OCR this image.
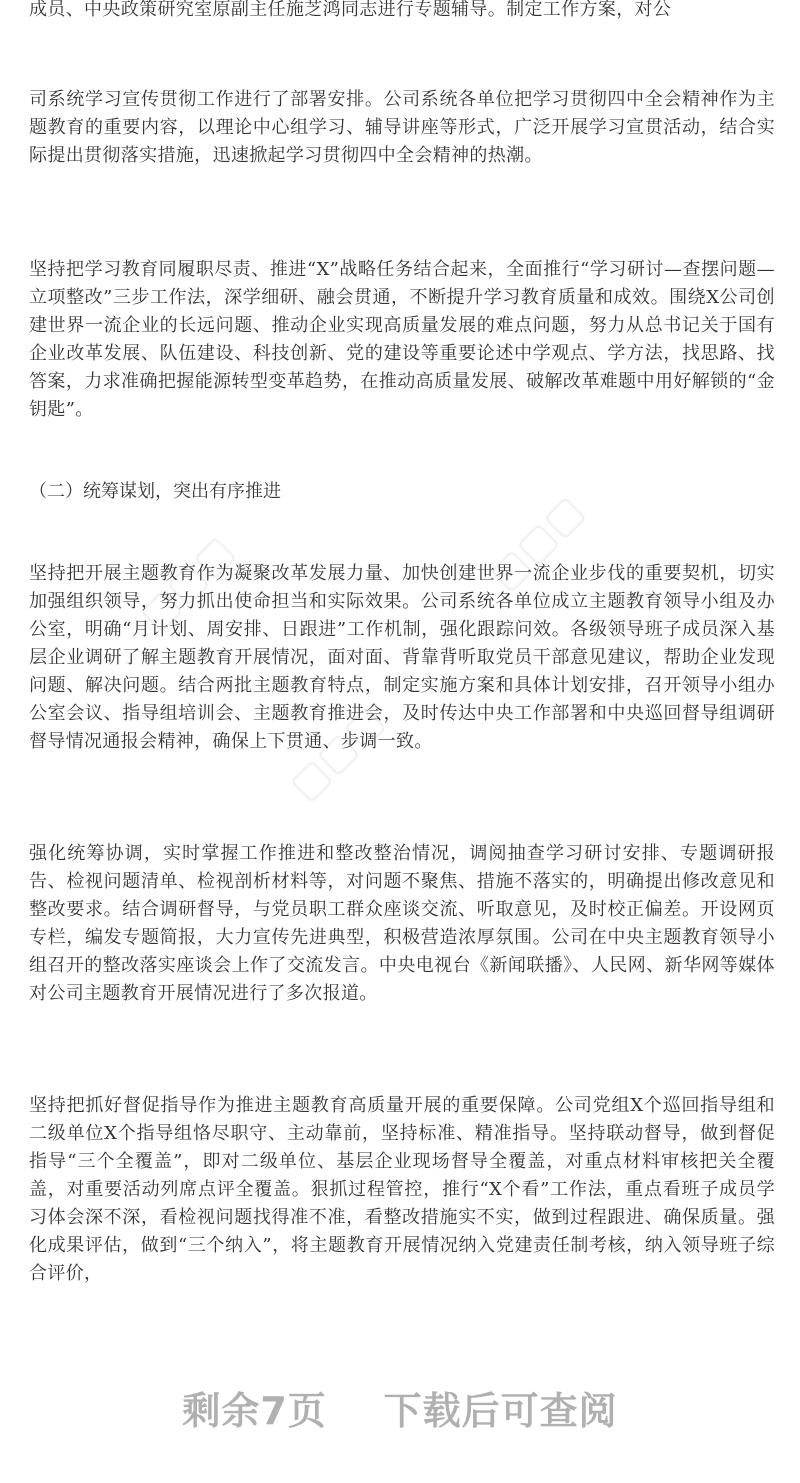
▢▢▢	▢▢▢
▢▢▢

成员、中央政策研究室原副主任施芝鸿同志进行专题辅导。制定工作方案，对公

司系统学习宣传贯彻工作进行了部署安排。公司系统各单位把学习贯彻四中全会精神作为主题教育的重要内容，以理论中心组学习、辅导讲座等形式，广泛开展学习宣贯活动，结合实际提出贯彻落实措施，迅速掀起学习贯彻四中全会精神的热潮。

坚持把学习教育同履职尽责、推进“X”战略任务结合起来，全面推行“学习研讨—查摆问题—立项整改”三步工作法，深学细研、融会贯通，不断提升学习教育质量和成效。围绕X公司创建世界一流企业的长远问题、推动企业实现高质量发展的难点问题，努力从总书记关于国有企业改革发展、队伍建设、科技创新、党的建设等重要论述中学观点、学方法，找思路、找答案，力求准确把握能源转型变革趋势，在推动高质量发展、破解改革难题中用好解锁的“金钥匙”。

（二）统筹谋划，突出有序推进

坚持把开展主题教育作为凝聚改革发展力量、加快创建世界一流企业步伐的重要契机，切实加强组织领导，努力抓出使命担当和实际效果。公司系统各单位成立主题教育领导小组及办公室，明确“月计划、周安排、日跟进”工作机制，强化跟踪问效。各级领导班子成员深入基层企业调研了解主题教育开展情况，面对面、背靠背听取党员干部意见建议，帮助企业发现问题、解决问题。结合两批主题教育特点，制定实施方案和具体计划安排，召开领导小组办公室会议、指导组培训会、主题教育推进会，及时传达中央工作部署和中央巡回督导组调研督导情况通报会精神，确保上下贯通、步调一致。

强化统筹协调，实时掌握工作推进和整改整治情况，调阅抽查学习研讨安排、专题调研报告、检视问题清单、检视剖析材料等，对问题不聚焦、措施不落实的，明确提出修改意见和整改要求。结合调研督导，与党员职工群众座谈交流、听取意见，及时校正偏差。开设网页专栏，编发专题简报，大力宣传先进典型，积极营造浓厚氛围。公司在中央主题教育领导小组召开的整改落实座谈会上作了交流发言。中央电视台《新闻联播》、人民网、新华网等媒体对公司主题教育开展情况进行了多次报道。

坚持把抓好督促指导作为推进主题教育高质量开展的重要保障。公司党组X个巡回指导组和二级单位X个指导组恪尽职守、主动靠前，坚持标准、精准指导。坚持联动督导，做到督促指导“三个全覆盖”，即对二级单位、基层企业现场督导全覆盖，对重点材料审核把关全覆盖，对重要活动列席点评全覆盖。狠抓过程管控，推行“X个看”工作法，重点看班子成员学习体会深不深，看检视问题找得准不准，看整改措施实不实，做到过程跟进、确保质量。强化成果评估，做到“三个纳入”，将主题教育开展情况纳入党建责任制考核，纳入领导班子综合评价，

剩余7页    下载后可查阅
